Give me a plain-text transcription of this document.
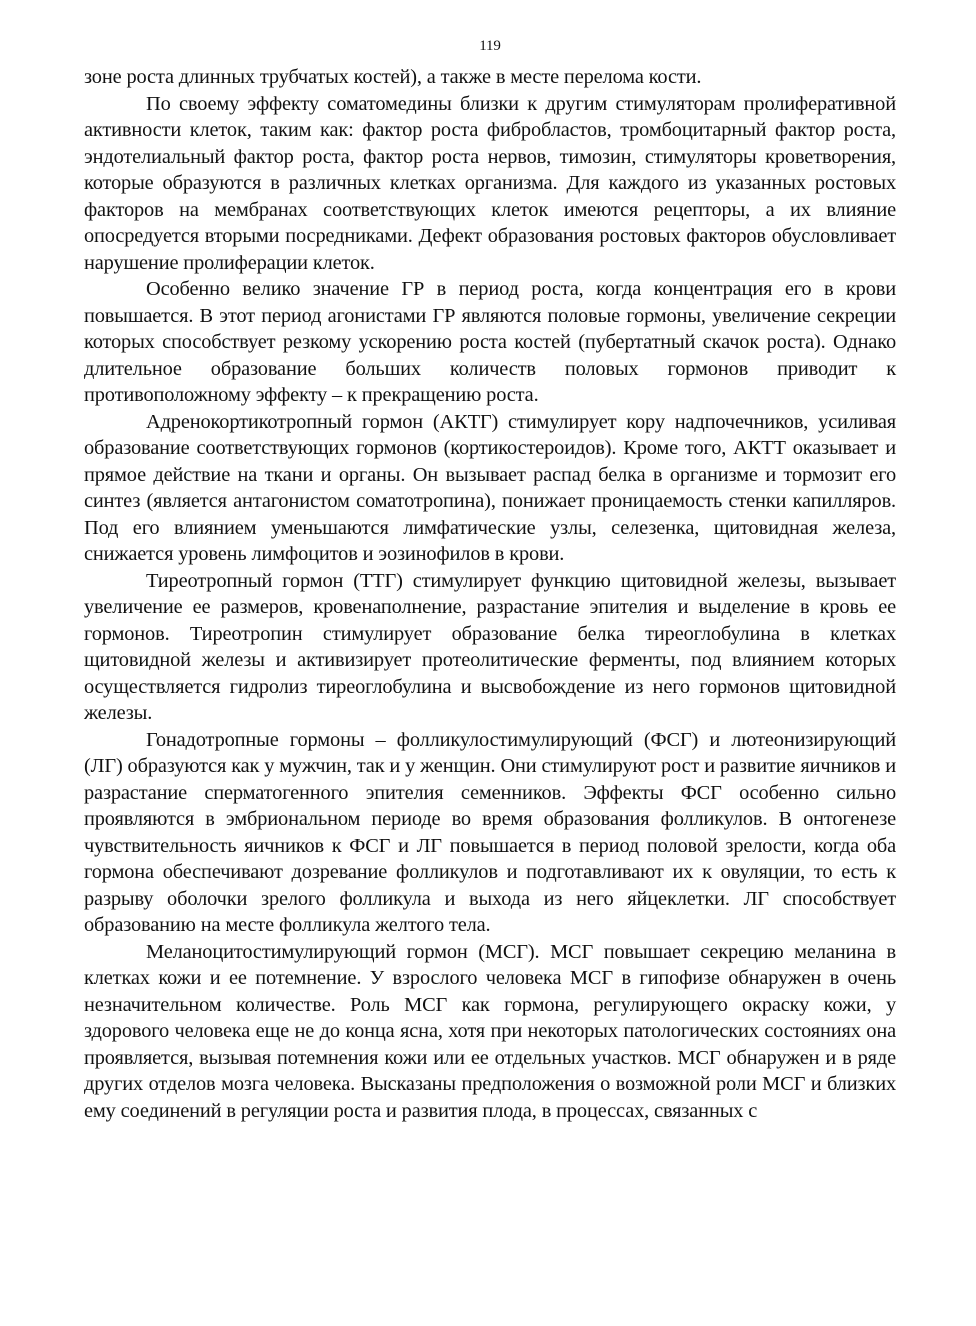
119

зоне роста длинных трубчатых костей), а также в месте перелома кости.

По своему эффекту соматомедины близки к другим стимуляторам пролиферативной активности клеток, таким как: фактор роста фибробластов, тромбоцитарный фактор роста, эндотелиальный фактор роста, фактор роста нервов, тимозин, стимуляторы кроветворения, которые образуются в различных клетках организма. Для каждого из указанных ростовых факторов на мембранах соответствующих клеток имеются рецепторы, а их влияние опосредуется вторыми посредниками. Дефект образования ростовых факторов обусловливает нарушение пролиферации клеток.

Особенно велико значение ГР в период роста, когда концентрация его в крови повышается. В этот период агонистами ГР являются половые гормоны, увеличение секреции которых способствует резкому ускорению роста костей (пубертатный скачок роста). Однако длительное образование больших количеств половых гормонов приводит к противоположному эффекту – к прекращению роста.

Адренокортикотропный гормон (АКТГ) стимулирует кору надпочечников, усиливая образование соответствующих гормонов (кортикостероидов). Кроме того, АКТТ оказывает и прямое действие на ткани и органы. Он вызывает распад белка в организме и тормозит его синтез (является антагонистом соматотропина), понижает проницаемость стенки капилляров. Под его влиянием уменьшаются лимфатические узлы, селезенка, щитовидная железа, снижается уровень лимфоцитов и эозинофилов в крови.

Тиреотропный гормон (ТТГ) стимулирует функцию щитовидной железы, вызывает увеличение ее размеров, кровенаполнение, разрастание эпителия и выделение в кровь ее гормонов. Тиреотропин стимулирует образование белка тиреоглобулина в клетках щитовидной железы и активизирует протеолитические ферменты, под влиянием которых осуществляется гидролиз тиреоглобулина и высвобождение из него гормонов щитовидной железы.

Гонадотропные гормоны – фолликулостимулирующий (ФСГ) и лютеонизирующий (ЛГ) образуются как у мужчин, так и у женщин. Они стимулируют рост и развитие яичников и разрастание сперматогенного эпителия семенников. Эффекты ФСГ особенно сильно проявляются в эмбриональном периоде во время образования фолликулов. В онтогенезе чувствительность яичников к ФСГ и ЛГ повышается в период половой зрелости, когда оба гормона обеспечивают дозревание фолликулов и подготавливают их к овуляции, то есть к разрыву оболочки зрелого фолликула и выхода из него яйцеклетки. ЛГ способствует образованию на месте фолликула желтого тела.

Меланоцитостимулирующий гормон (МСГ). МСГ повышает секрецию меланина в клетках кожи и ее потемнение. У взрослого человека МСГ в гипофизе обнаружен в очень незначительном количестве. Роль МСГ как гормона, регулирующего окраску кожи, у здорового человека еще не до конца ясна, хотя при некоторых патологических состояниях она проявляется, вызывая потемнения кожи или ее отдельных участков. МСГ обнаружен и в ряде других отделов мозга человека. Высказаны предположения о возможной роли МСГ и близких ему соединений в регуляции роста и развития плода, в процессах, связанных с
